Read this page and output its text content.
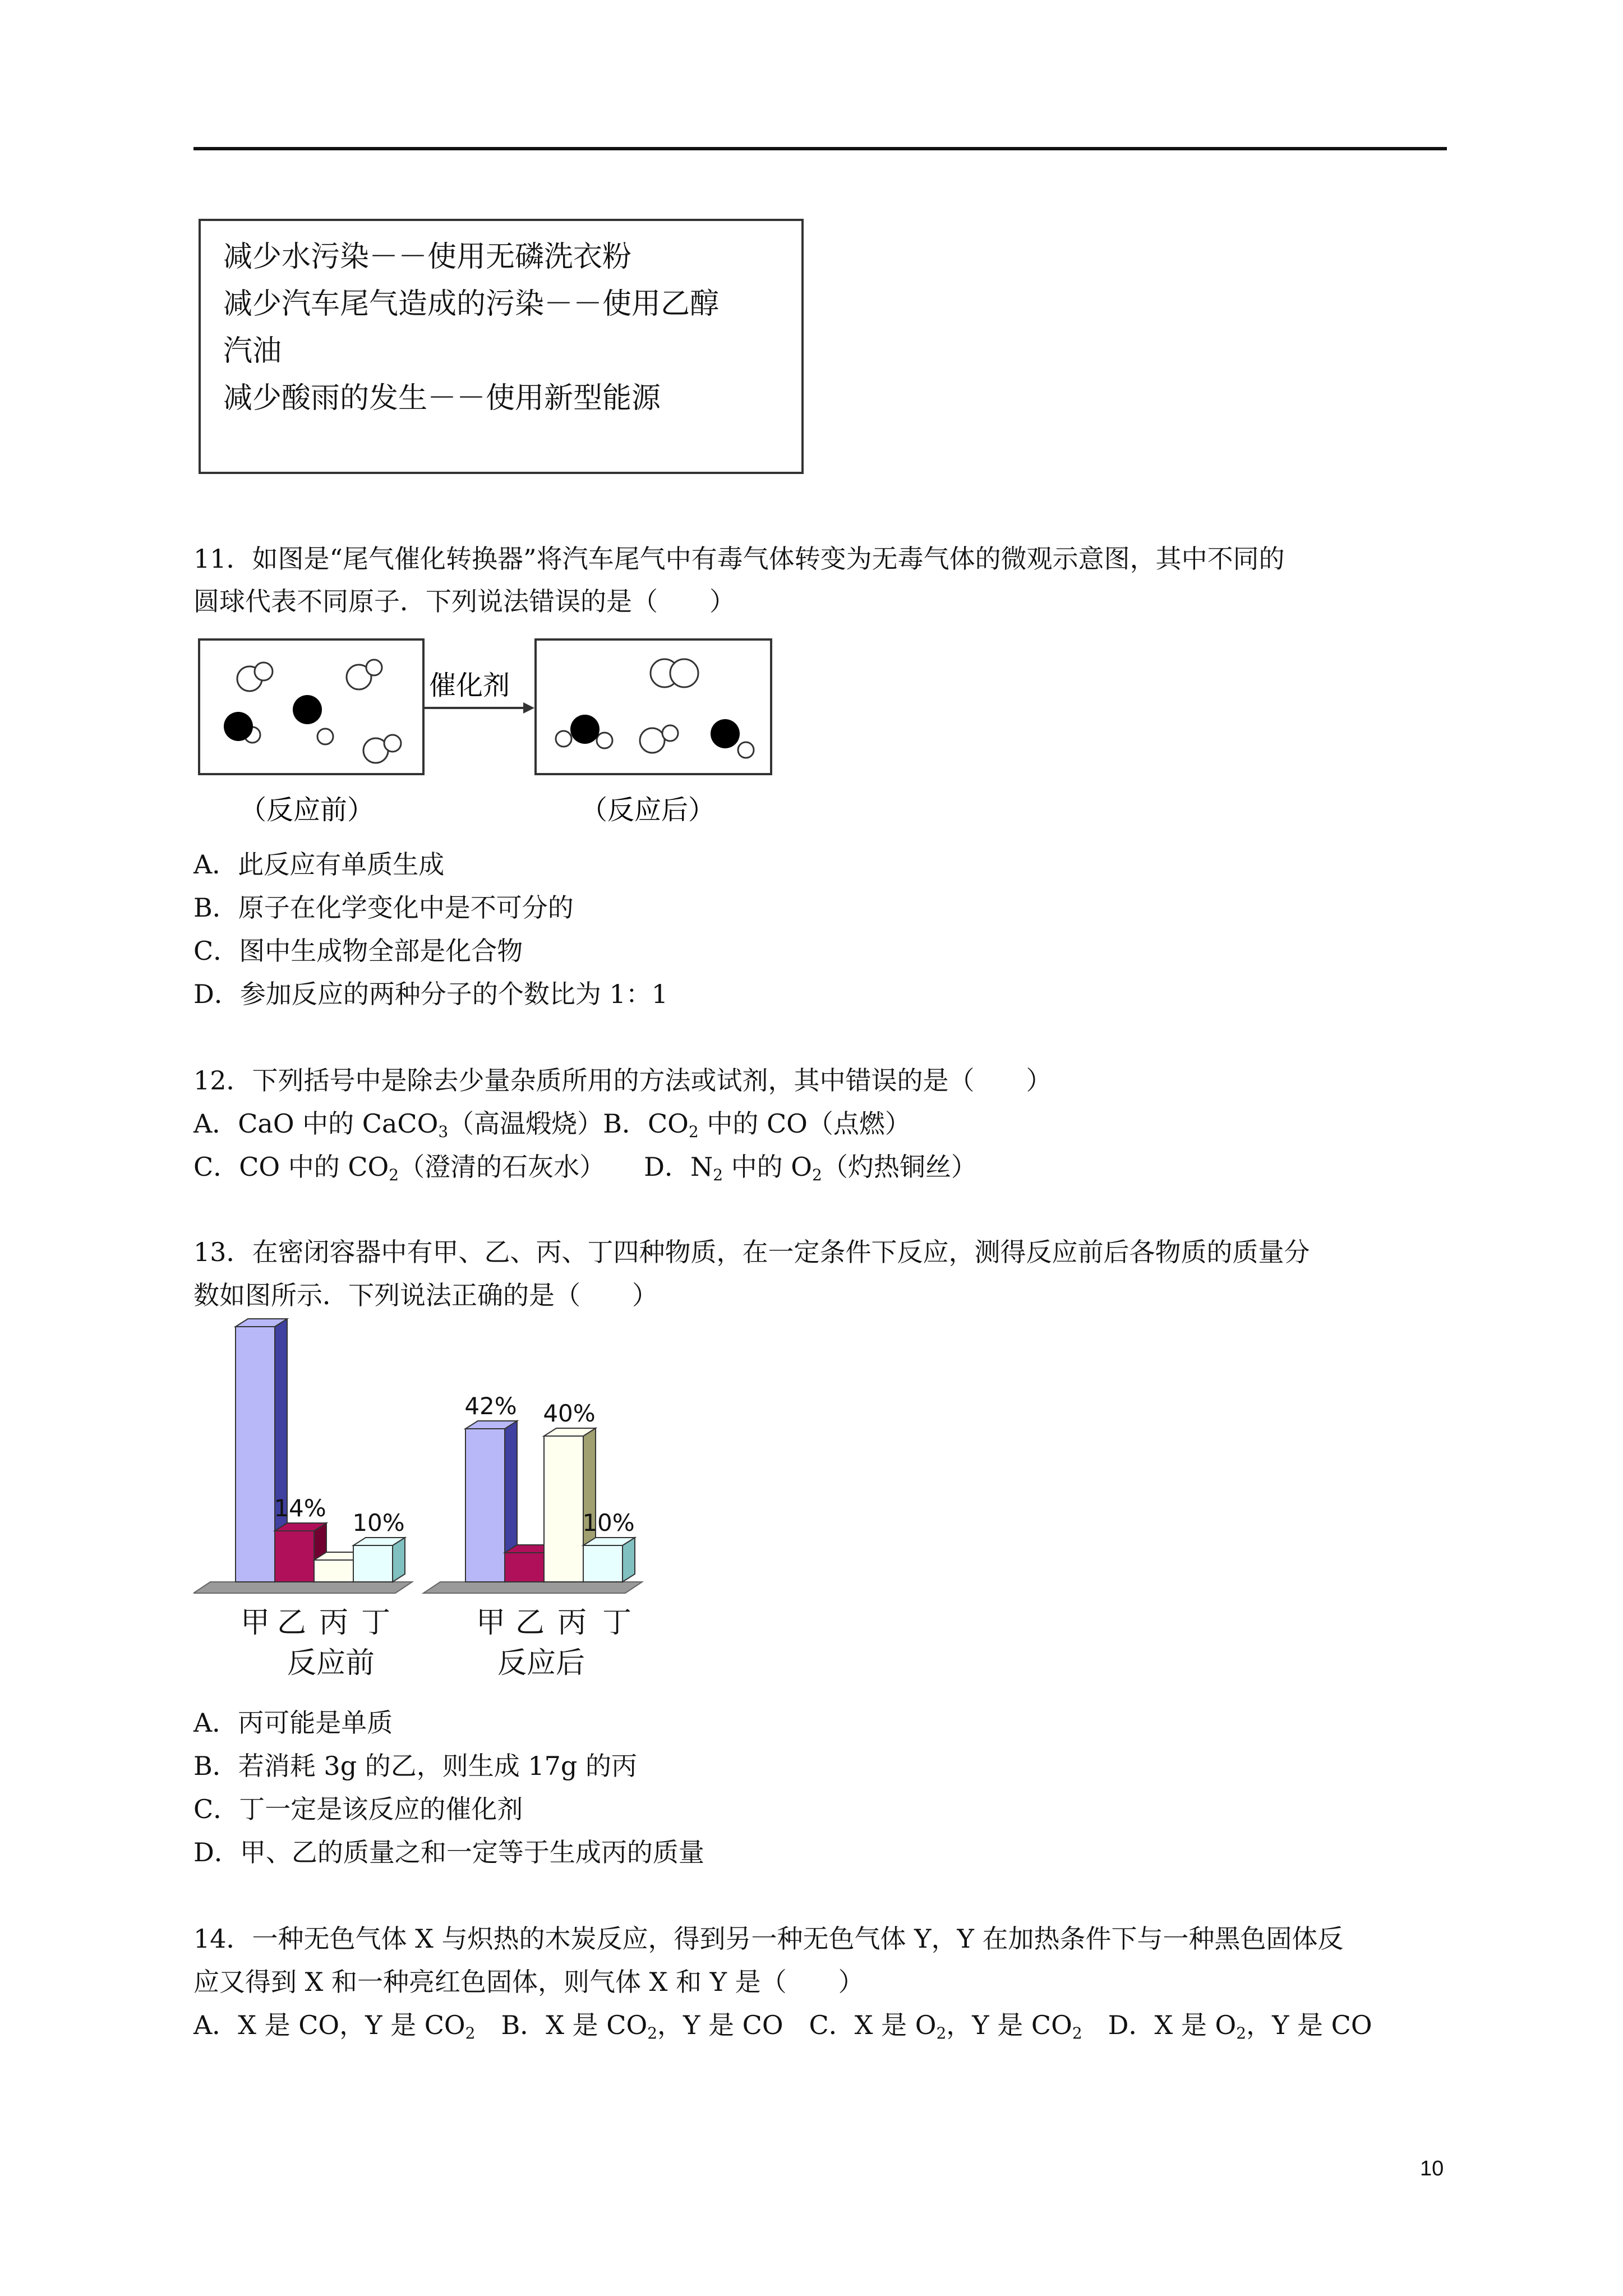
减少水污染－－使用无磷洗衣粉
减少汽车尾气造成的污染－－使用乙醇
汽油
减少酸雨的发生－－使用新型能源
11．如图是“尾气催化转换器”将汽车尾气中有毒气体转变为无毒气体的微观示意图，其中不同的
圆球代表不同原子．下列说法错误的是（　　）
催化剂
（反应前）	（反应后）
A．此反应有单质生成
B．原子在化学变化中是不可分的
C．图中生成物全部是化合物
D．参加反应的两种分子的个数比为 1：1
12．下列括号中是除去少量杂质所用的方法或试剂，其中错误的是（　　）
A．CaO 中的 CaCO$_3$（高温煅烧）B．$CO_2$ 中的 CO（点燃）
C．CO 中的 $CO_2$（澄清的石灰水）　　D．$N_2$ 中的 $O_2$（灼热铜丝）
13．在密闭容器中有甲、乙、丙、丁四种物质，在一定条件下反应，测得反应前后各物质的质量分
数如图所示．下列说法正确的是（　　）
14%
10%
甲 乙 丙 丁
反应前
42% 40%
10%
甲 乙 丙 丁
反应后
A．丙可能是单质
B．若消耗 3g 的乙，则生成 17g 的丙
C．丁一定是该反应的催化剂
D．甲、乙的质量之和一定等于生成丙的质量
14．一种无色气体 X 与炽热的木炭反应，得到另一种无色气体 Y，Y 在加热条件下与一种黑色固体反
应又得到 X 和一种亮红色固体，则气体 X 和 Y 是（　　）
A．X 是 CO，Y 是 $CO_2$　B．X 是 $CO_2$，Y 是 CO　C．X 是 $O_2$，Y 是 $CO_2$　D．X 是 $O_2$，Y 是 CO
10
